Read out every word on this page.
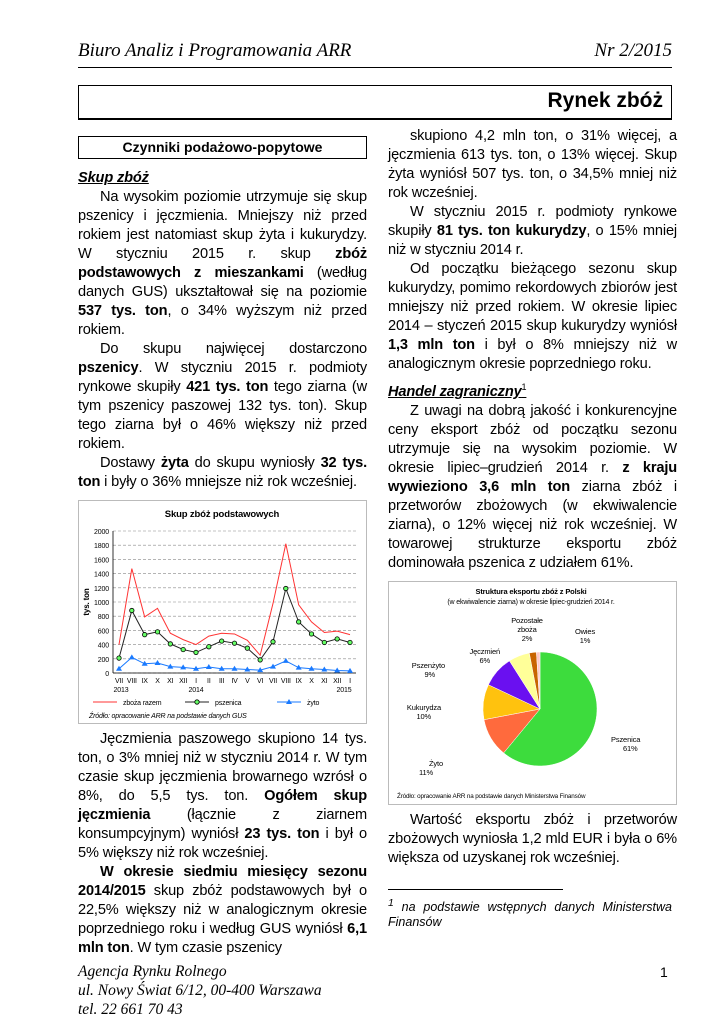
Biuro Analiz i Programowania ARR	Nr 2/2015
Rynek zbóż
Czynniki podażowo-popytowe

Skup zbóż

Na wysokim poziomie utrzymuje się skup pszenicy i jęczmienia. Mniejszy niż przed rokiem jest natomiast skup żyta i kukurydzy. W styczniu 2015 r. skup zbóż podstawowych z mieszankami (według danych GUS) ukształtował się na poziomie 537 tys. ton, o 34% wyższym niż przed rokiem.

Do skupu najwięcej dostarczono pszenicy. W styczniu 2015 r. podmioty rynkowe skupiły 421 tys. ton tego ziarna (w tym pszenicy paszowej 132 tys. ton). Skup tego ziarna był o 46% większy niż przed rokiem.

Dostawy żyta do skupu wyniosły 32 tys. ton i były o 36% mniejsze niż rok wcześniej.

Skup zbóż podstawowych
0
200
400
600
800
1000
1200
1400
1600
1800
2000
tys. ton
VII VIII IX X XI XII I II III IV V VI VII VIII IX X XI XII I
2013	2014	2015
zboża razem	pszenica	żyto
Źródło: opracowanie ARR na podstawie danych GUS

Jęczmienia paszowego skupiono 14 tys. ton, o 3% mniej niż w styczniu 2014 r. W tym czasie skup jęczmienia browarnego wzrósł o 8%, do 5,5 tys. ton. Ogółem skup jęczmienia (łącznie z ziarnem konsumpcyjnym) wyniósł 23 tys. ton i był o 5% większy niż rok wcześniej.

W okresie siedmiu miesięcy sezonu 2014/2015 skup zbóż podstawowych był o 22,5% większy niż w analogicznym okresie poprzedniego roku i według GUS wyniósł 6,1 mln ton. W tym czasie pszenicy

skupiono 4,2 mln ton, o 31% więcej, a jęczmienia 613 tys. ton, o 13% więcej. Skup żyta wyniósł 507 tys. ton, o 34,5% mniej niż rok wcześniej.

W styczniu 2015 r. podmioty rynkowe skupiły 81 tys. ton kukurydzy, o 15% mniej niż w styczniu 2014 r.

Od początku bieżącego sezonu skup kukurydzy, pomimo rekordowych zbiorów jest mniejszy niż przed rokiem. W okresie lipiec 2014 – styczeń 2015 skup kukurydzy wyniósł 1,3 mln ton i był o 8% mniejszy niż w analogicznym okresie poprzedniego roku.

Handel zagraniczny$^1$

Z uwagi na dobrą jakość i konkurencyjne ceny eksport zbóż od początku sezonu utrzymuje się na wysokim poziomie. W okresie lipiec–grudzień 2014 r. z kraju wywieziono 3,6 mln ton ziarna zbóż i przetworów zbożowych (w ekwiwalencie ziarna), o 12% więcej niż rok wcześniej. W towarowej strukturze eksportu zbóż dominowała pszenica z udziałem 61%.

Struktura eksportu zbóż z Polski
(w ekwiwalencie ziarna) w okresie lipiec-grudzień 2014 r.
Pszenica
61%
Żyto
11%
Kukurydza
10%
Pszenżyto
9%
Jęczmień
6%
Pozostałe
zboża
2%
Owies
1%
Źródło: opracowanie ARR na podstawie danych Ministerstwa Finansów

Wartość eksportu zbóż i przetworów zbożowych wyniosła 1,2 mld EUR i była o 6% większa od uzyskanej rok wcześniej.

$^1$ na podstawie wstępnych danych Ministerstwa Finansów
Agencja Rynku Rolnego
ul. Nowy Świat 6/12, 00-400 Warszawa
tel. 22 661 70 43
1
